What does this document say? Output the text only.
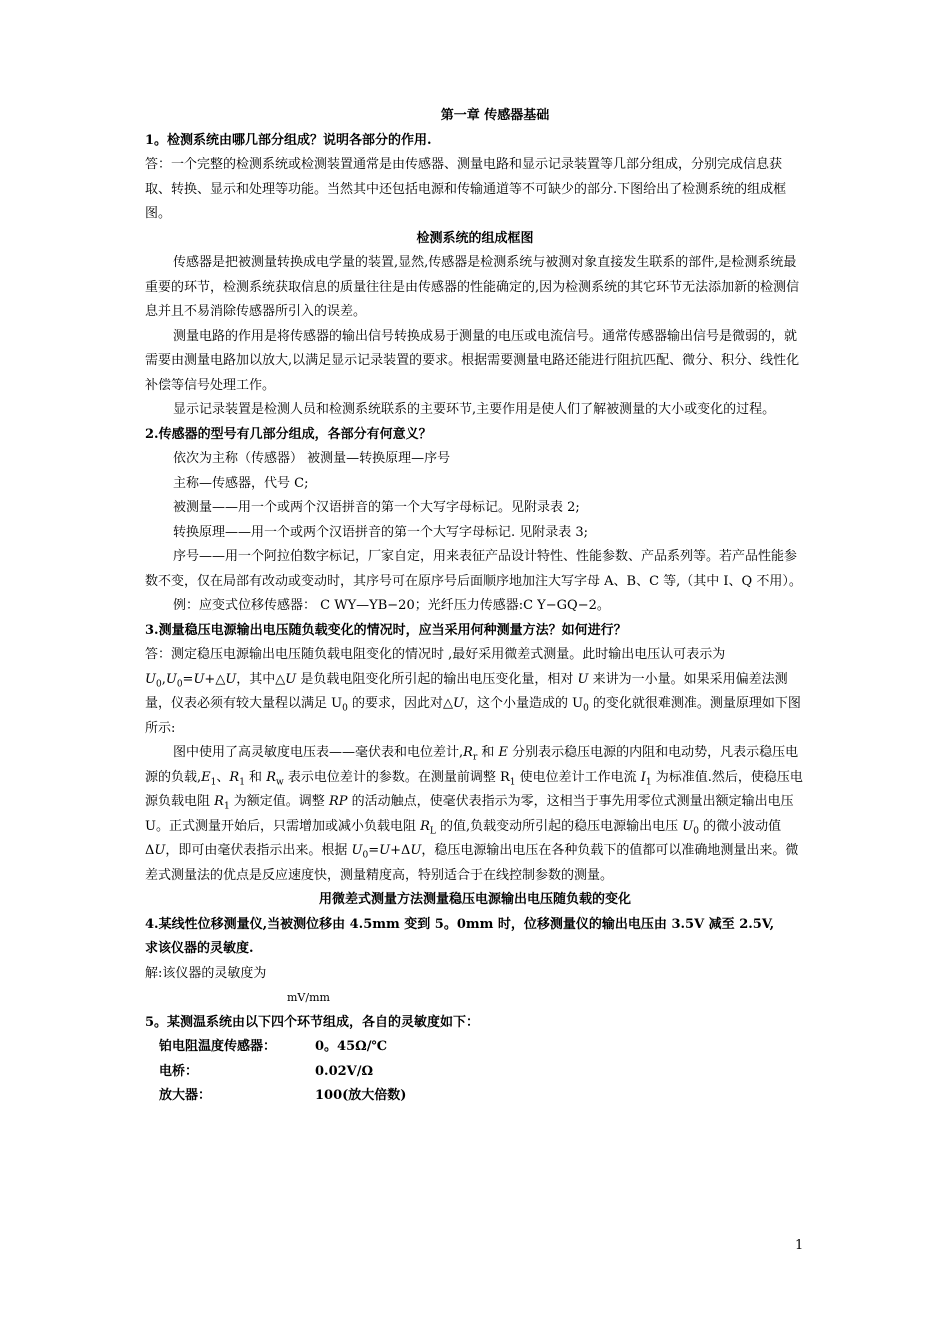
第一章 传感器基础
1。检测系统由哪几部分组成？说明各部分的作用.

答：一个完整的检测系统或检测装置通常是由传感器、测量电路和显示记录装置等几部分组成，分别完成信息获取、转换、显示和处理等功能。当然其中还包括电源和传输通道等不可缺少的部分.下图给出了检测系统的组成框图。

检测系统的组成框图

传感器是把被测量转换成电学量的装置,显然,传感器是检测系统与被测对象直接发生联系的部件,是检测系统最重要的环节，检测系统获取信息的质量往往是由传感器的性能确定的,因为检测系统的其它环节无法添加新的检测信息并且不易消除传感器所引入的误差。

测量电路的作用是将传感器的输出信号转换成易于测量的电压或电流信号。通常传感器输出信号是微弱的，就需要由测量电路加以放大,以满足显示记录装置的要求。根据需要测量电路还能进行阻抗匹配、微分、积分、线性化补偿等信号处理工作。

显示记录装置是检测人员和检测系统联系的主要环节,主要作用是使人们了解被测量的大小或变化的过程。

2.传感器的型号有几部分组成，各部分有何意义？

依次为主称（传感器） 被测量—转换原理—序号

主称—传感器，代号 C;

被测量——用一个或两个汉语拼音的第一个大写字母标记。见附录表 2;

转换原理——用一个或两个汉语拼音的第一个大写字母标记. 见附录表 3;

序号——用一个阿拉伯数字标记，厂家自定，用来表征产品设计特性、性能参数、产品系列等。若产品性能参数不变，仅在局部有改动或变动时，其序号可在原序号后面顺序地加注大写字母 A、B、C 等,（其中 I、Q 不用）。

例：应变式位移传感器： C WY—YB−20；光纤压力传感器:C Y−GQ−2。

3.测量稳压电源输出电压随负载变化的情况时，应当采用何种测量方法？如何进行？

答：测定稳压电源输出电压随负载电阻变化的情况时 ,最好采用微差式测量。此时输出电压认可表示为$U_0,U_0=U+\triangle U$，其中△U 是负载电阻变化所引起的输出电压变化量，相对 U 来讲为一小量。如果采用偏差法测量，仪表必须有较大量程以满足 $U_0$ 的要求，因此对△U，这个小量造成的 $U_0$ 的变化就很难测准。测量原理如下图所示:

图中使用了高灵敏度电压表——毫伏表和电位差计$,R_r$ 和 E 分别表示稳压电源的内阻和电动势，凡表示稳压电源的负载$,E_1$、$R_1$ 和 $R_w$ 表示电位差计的参数。在测量前调整 $R_1$ 使电位差计工作电流 $I_1$ 为标准值.然后，使稳压电源负载电阻 $R_1$ 为额定值。调整 RP 的活动触点，使毫伏表指示为零，这相当于事先用零位式测量出额定输出电压 U。正式测量开始后，只需增加或减小负载电阻 $R_L$ 的值,负载变动所引起的稳压电源输出电压 $U_0$ 的微小波动值 ΔU，即可由毫伏表指示出来。根据 $U_0=U+\Delta U$，稳压电源输出电压在各种负载下的值都可以准确地测量出来。微差式测量法的优点是反应速度快，测量精度高，特别适合于在线控制参数的测量。

用微差式测量方法测量稳压电源输出电压随负载的变化
4.某线性位移测量仪,当被测位移由 4.5mm 变到 5。0mm 时，位移测量仪的输出电压由 3.5V 减至 2.5V,
求该仪器的灵敏度.

解:该仪器的灵敏度为

mV/mm
5。某测温系统由以下四个环节组成，各自的灵敏度如下：
铂电阻温度传感器：	0。45Ω/℃
电桥：	0.02V/Ω
放大器：	100(放大倍数)
1
